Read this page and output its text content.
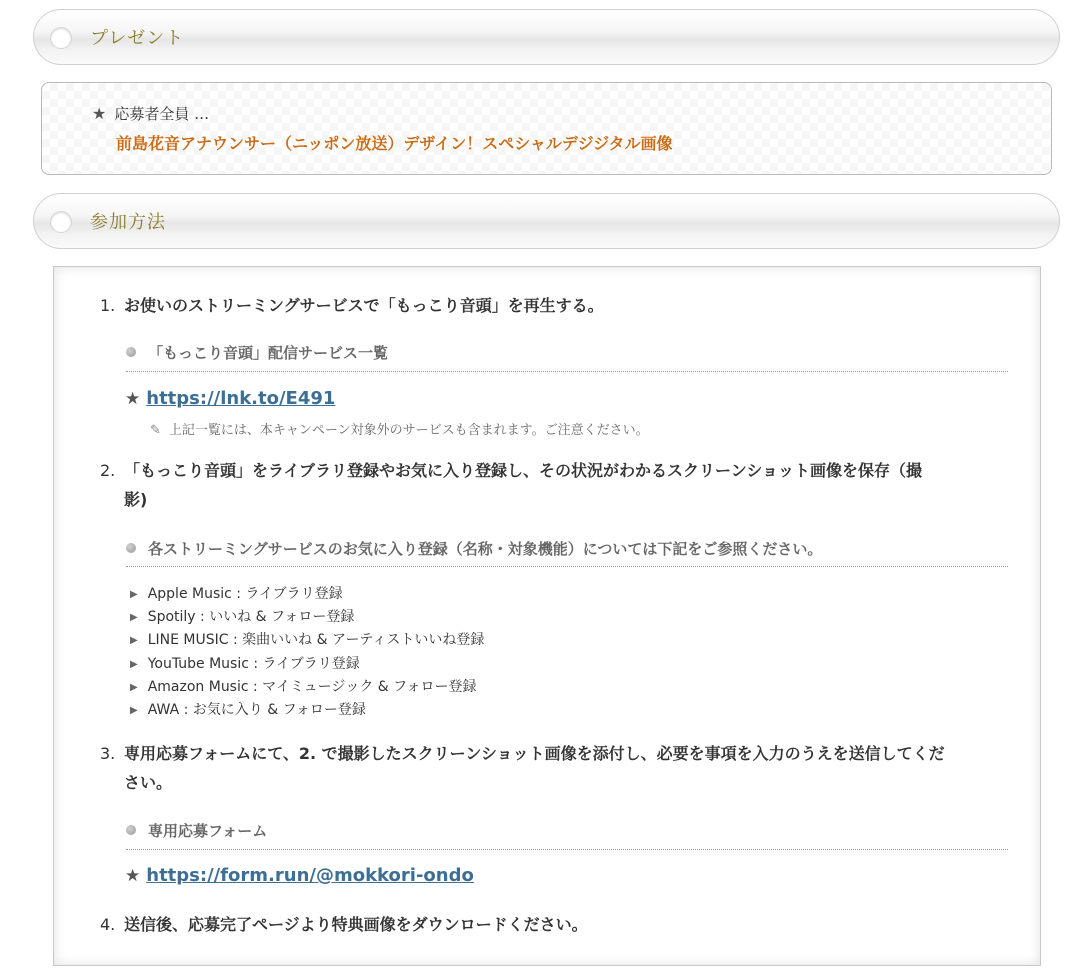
プレゼント
★ 応募者全員 …
前島花音アナウンサー（ニッポン放送）デザイン！スペシャルデジジタル画像
参加方法
1. お使いのストリーミングサービスで「もっこり音頭」を再生する。
「もっこり音頭」配信サービス一覧
★ https://lnk.to/E491
✎ 上記一覧には、本キャンペーン対象外のサービスも含まれます。ご注意ください。
2. 「もっこり音頭」をライブラリ登録やお気に入り登録し、その状況がわかるスクリーンショット画像を保存（撮
影)
各ストリーミングサービスのお気に入り登録（名称・対象機能）については下記をご参照ください。
▶ Apple Music : ライブラリ登録
▶ Spotily : いいね & フォロー登録
▶ LINE MUSIC : 楽曲いいね & アーティストいいね登録
▶ YouTube Music : ライブラリ登録
▶ Amazon Music : マイミュージック & フォロー登録
▶ AWA : お気に入り & フォロー登録
3. 専用応募フォームにて、2. で撮影したスクリーンショット画像を添付し、必要を事項を入力のうえを送信してくだ
さい。
専用応募フォーム
★ https://form.run/@mokkori-ondo
4. 送信後、応募完了ページより特典画像をダウンロードください。
